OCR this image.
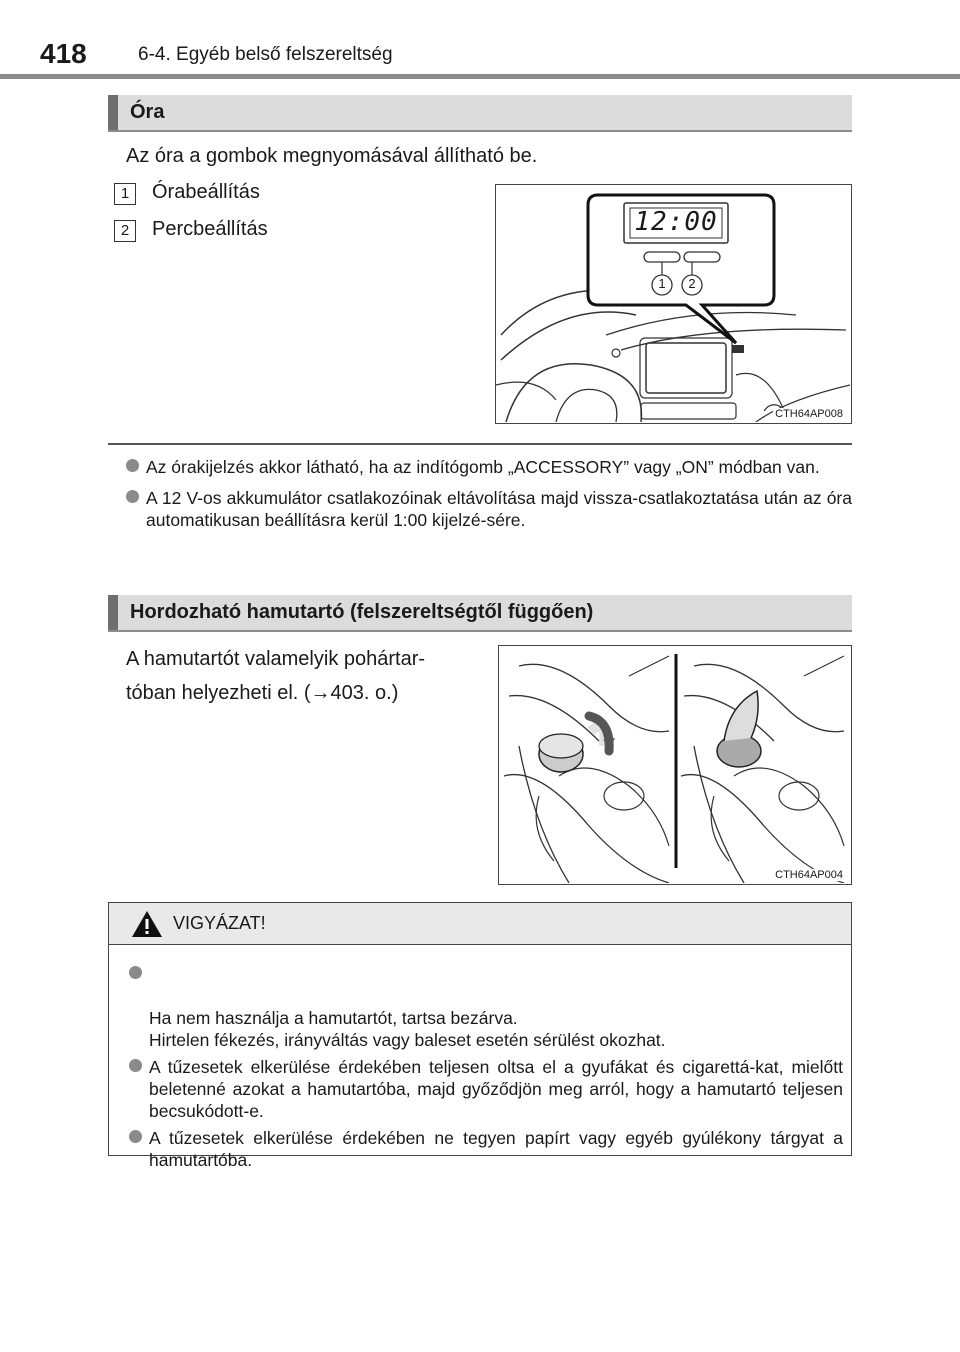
418	6-4. Egyéb belső felszereltség
Óra
Az óra a gombok megnyomásával állítható be.
1	Órabeállítás
2	Percbeállítás	12:00
1	2
CTH64AP008
Az órakijelzés akkor látható, ha az indítógomb „ACCESSORY” vagy „ON” módban van.
A 12 V-os akkumulátor csatlakozóinak eltávolítása majd vissza-csatlakoztatása után az óra automatikusan beállításra kerül 1:00 kijelzé-sére.
Hordozható hamutartó (felszereltségtől függően)
A hamutartót valamelyik pohártar-
tóban helyezheti el. (→403. o.)
CTH64AP004
VIGYÁZAT!

Ha nem használja a hamutartót, tartsa bezárva.
Hirtelen fékezés, irányváltás vagy baleset esetén sérülést okozhat.

A tűzesetek elkerülése érdekében teljesen oltsa el a gyufákat és cigarettá-kat, mielőtt beletenné azokat a hamutartóba, majd győződjön meg arról, hogy a hamutartó teljesen becsukódott-e.
A tűzesetek elkerülése érdekében ne tegyen papírt vagy egyéb gyúlékony tárgyat a hamutartóba.
